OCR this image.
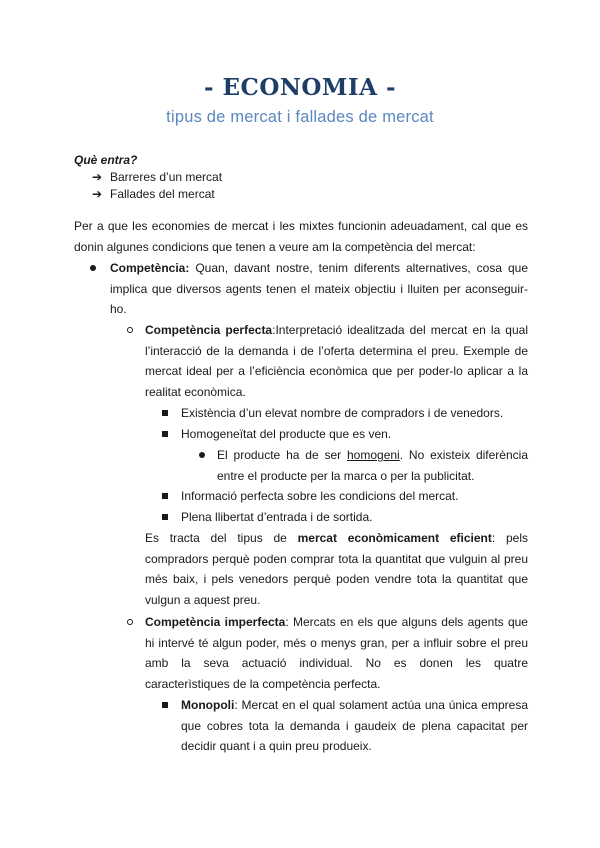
- ECONOMIA -
tipus de mercat i fallades de mercat
Què entra?
➔ Barreres d’un mercat
➔ Fallades del mercat
Per a que les economies de mercat i les mixtes funcionin adeuadament, cal que es donin algunes condicions que tenen a veure am la competència del mercat:
Competència: Quan, davant nostre, tenim diferents alternatives, cosa que implica que diversos agents tenen el mateix objectiu i lluiten per aconseguir-ho.
Competència perfecta:Interpretació idealitzada del mercat en la qual l’interacció de la demanda i de l’oferta determina el preu. Exemple de mercat ideal per a l’eficiència econòmica que per poder-lo aplicar a la realitat econòmica.
Existència d’un elevat nombre de compradors i de venedors.
Homogeneïtat del producte que es ven.
El producte ha de ser homogeni. No existeix diferència entre el producte per la marca o per la publicitat.
Informació perfecta sobre les condicions del mercat.
Plena llibertat d’entrada i de sortida.
Es tracta del tipus de mercat econòmicament eficient: pels compradors perquè poden comprar tota la quantitat que vulguin al preu més baix, i pels venedors perquè poden vendre tota la quantitat que vulgun a aquest preu.
Competència imperfecta: Mercats en els que alguns dels agents que hi intervé té algun poder, més o menys gran, per a influir sobre el preu amb la seva actuació individual. No es donen les quatre caracterìstiques de la competència perfecta.
Monopoli: Mercat en el qual solament actúa una única empresa que cobres tota la demanda i gaudeix de plena capacitat per decidir quant i a quin preu produeix.
